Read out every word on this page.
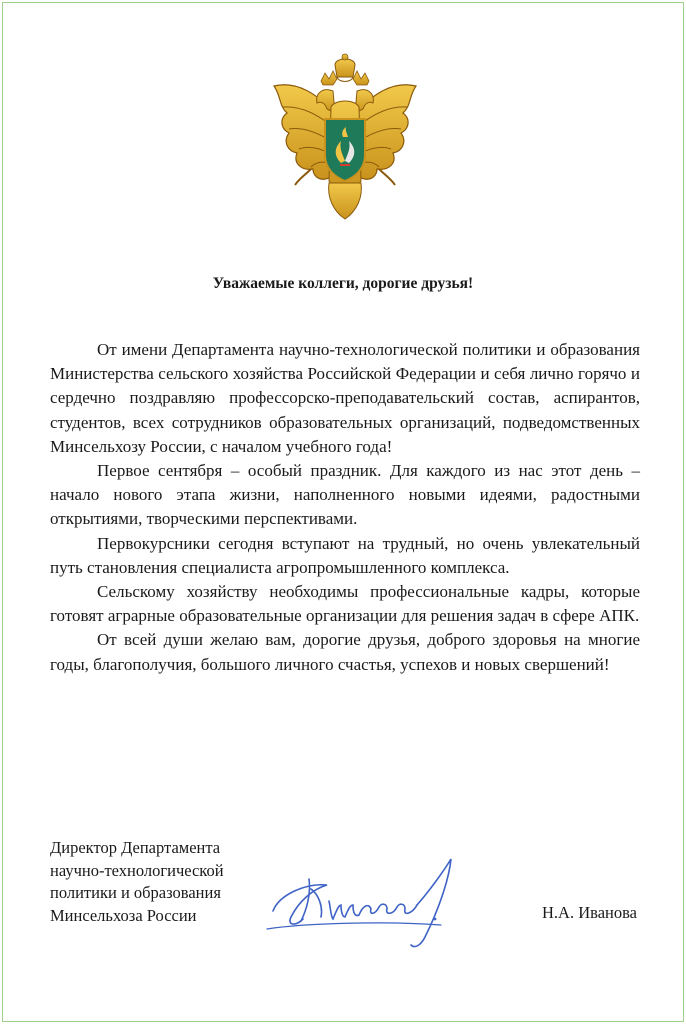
Уважаемые коллеги, дорогие друзья!

От имени Департамента научно-технологической политики и образования Министерства сельского хозяйства Российской Федерации и себя лично горячо и сердечно поздравляю профессорско-преподавательский состав, аспирантов, студентов, всех сотрудников образовательных организаций, подведомственных Минсельхозу России, с началом учебного года!

Первое сентября – особый праздник. Для каждого из нас этот день – начало нового этапа жизни, наполненного новыми идеями, радостными открытиями, творческими перспективами.

Первокурсники сегодня вступают на трудный, но очень увлекательный путь становления специалиста агропромышленного комплекса.

Сельскому хозяйству необходимы профессиональные кадры, которые готовят аграрные образовательные организации для решения задач в сфере АПК.

От всей души желаю вам, дорогие друзья, доброго здоровья на многие годы, благополучия, большого личного счастья, успехов и новых свершений!

Директор Департамента
научно-технологической
политики и образования
Минсельхоза России	Н.А. Иванова
